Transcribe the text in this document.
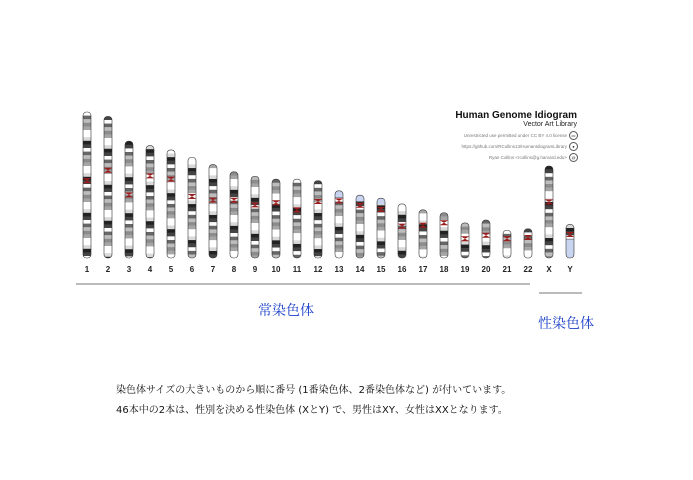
1 2 3 4 5 6 7 8 9 10 11 12 13 14 15 16 17 18 19 20 21 22 X Y
Human Genome Idiogram
Vector Art Library
Unrestricted use permitted under CC BY 4.0 license	cc
https://github.com/RCollins13/HumanIdiogramLibrary	●
Ryan Collins <rcollins@g.harvard.edu>	@
常染色体
性染色体
染色体サイズの大きいものから順に番号 (1番染色体、2番染色体など) が付いています。
46本中の2本は、性別を決める性染色体 (XとY) で、男性はXY、女性はXXとなります。
